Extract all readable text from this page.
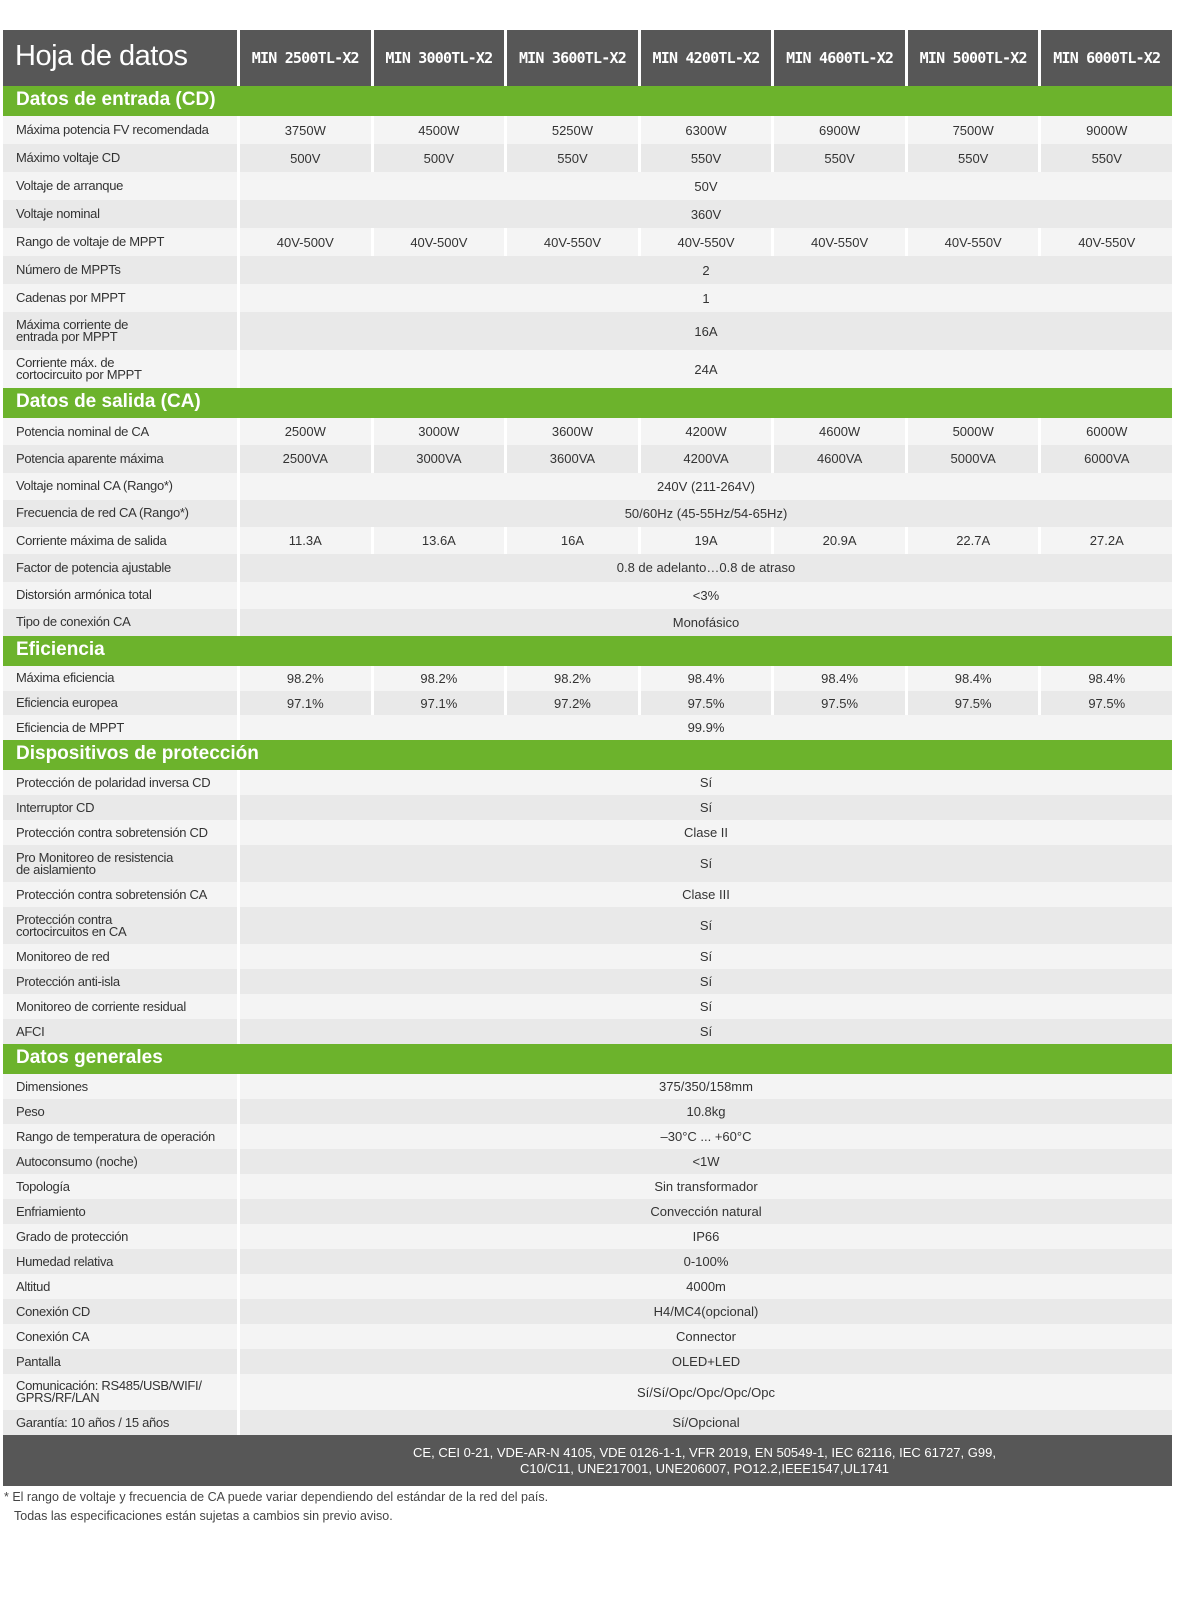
Hoja de datos	MIN 2500TL-X2	MIN 3000TL-X2	MIN 3600TL-X2	MIN 4200TL-X2	MIN 4600TL-X2	MIN 5000TL-X2	MIN 6000TL-X2
Datos de entrada (CD)
Máxima potencia FV recomendada	3750W	4500W	5250W	6300W	6900W	7500W	9000W
Máximo voltaje CD	500V	500V	550V	550V	550V	550V	550V
Voltaje de arranque	50V
Voltaje nominal	360V
Rango de voltaje de MPPT	40V-500V	40V-500V	40V-550V	40V-550V	40V-550V	40V-550V	40V-550V
Número de MPPTs	2
Cadenas por MPPT	1
Máxima corriente de
entrada por MPPT	16A
Corriente máx. de
cortocircuito por MPPT	24A
Datos de salida (CA)
Potencia nominal de CA	2500W	3000W	3600W	4200W	4600W	5000W	6000W
Potencia aparente máxima	2500VA	3000VA	3600VA	4200VA	4600VA	5000VA	6000VA
Voltaje nominal CA (Rango*)	240V (211-264V)
Frecuencia de red CA (Rango*)	50/60Hz (45-55Hz/54-65Hz)
Corriente máxima de salida	11.3A	13.6A	16A	19A	20.9A	22.7A	27.2A
Factor de potencia ajustable	0.8 de adelanto…0.8 de atraso
Distorsión armónica total	<3%
Tipo de conexión CA	Monofásico
Eficiencia
Máxima eficiencia	98.2%	98.2%	98.2%	98.4%	98.4%	98.4%	98.4%
Eficiencia europea	97.1%	97.1%	97.2%	97.5%	97.5%	97.5%	97.5%
Eficiencia de MPPT	99.9%
Dispositivos de protección
Protección de polaridad inversa CD	Sí
Interruptor CD	Sí
Protección contra sobretensión CD	Clase II
Pro Monitoreo de resistencia
de aislamiento	Sí
Protección contra sobretensión CA	Clase III
Protección contra
cortocircuitos en CA	Sí
Monitoreo de red	Sí
Protección anti-isla	Sí
Monitoreo de corriente residual	Sí
AFCI	Sí
Datos generales
Dimensiones	375/350/158mm
Peso	10.8kg
Rango de temperatura de operación	–30°C ... +60°C
Autoconsumo (noche)	<1W
Topología	Sin transformador
Enfriamiento	Convección natural
Grado de protección	IP66
Humedad relativa	0-100%
Altitud	4000m
Conexión CD	H4/MC4(opcional)
Conexión CA	Connector
Pantalla	OLED+LED
Comunicación: RS485/USB/WIFI/
GPRS/RF/LAN	Sí/Sí/Opc/Opc/Opc/Opc
Garantía: 10 años / 15 años	Sí/Opcional
CE, CEI 0-21, VDE-AR-N 4105, VDE 0126-1-1, VFR 2019, EN 50549-1, IEC 62116, IEC 61727, G99,
C10/C11, UNE217001, UNE206007, PO12.2,IEEE1547,UL1741
* El rango de voltaje y frecuencia de CA puede variar dependiendo del estándar de la red del país.
Todas las especificaciones están sujetas a cambios sin previo aviso.
